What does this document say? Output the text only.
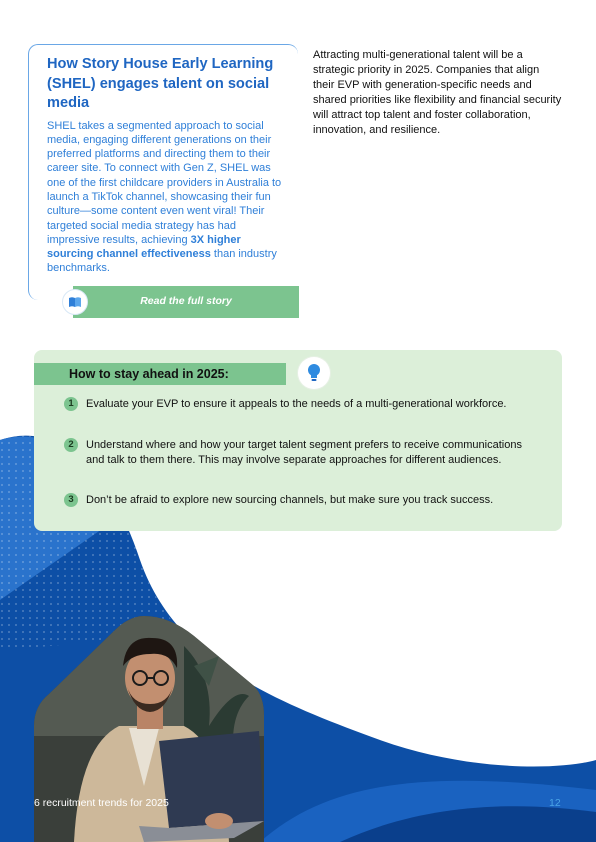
How Story House Early Learning (SHEL) engages talent on social media

SHEL takes a segmented approach to social media, engaging different generations on their preferred platforms and directing them to their career site. To connect with Gen Z, SHEL was one of the first childcare providers in Australia to launch a TikTok channel, showcasing their fun culture—some content even went viral! Their targeted social media strategy has had impressive results, achieving 3X higher sourcing channel effectiveness than industry benchmarks.

Read the full story

Attracting multi-generational talent will be a strategic priority in 2025. Companies that align their EVP with generation-specific needs and shared priorities like flexibility and financial security will attract top talent and foster collaboration, innovation, and resilience.

How to stay ahead in 2025:
1	Evaluate your EVP to ensure it appeals to the needs of a multi-generational workforce.
2	Understand where and how your target talent segment prefers to receive communications and talk to them there. This may involve separate approaches for different audiences.
3	Don’t be afraid to explore new sourcing channels, but make sure you track success.
6 recruitment trends for 2025	12
